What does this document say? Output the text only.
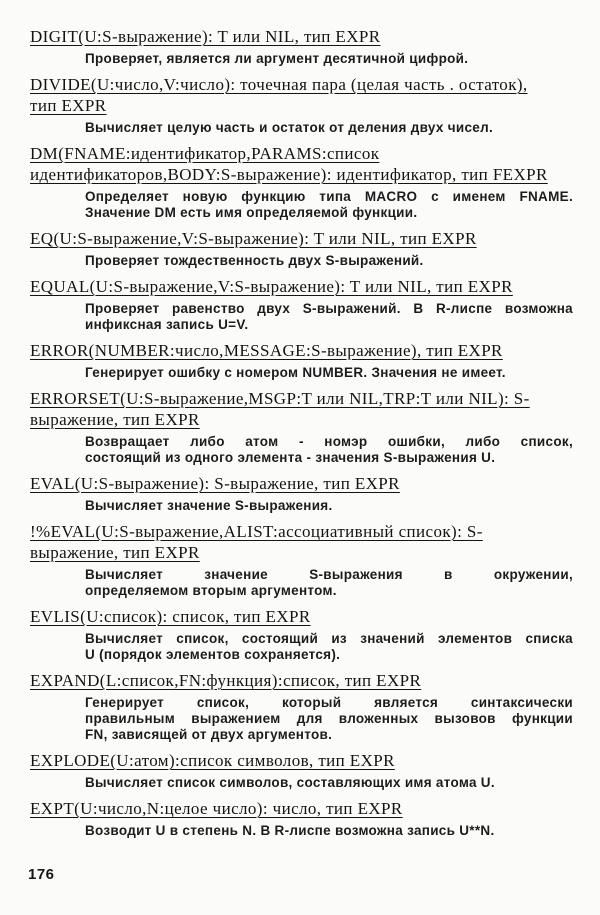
DIGIT(U:S-выражение): T или NIL, тип EXPR

Проверяет, является ли аргумент десятичной цифрой.

DIVIDE(U:число,V:число): точечная пара (целая часть . остаток),
тип EXPR

Вычисляет целую часть и остаток от деления двух чисел.

DM(FNAME:идентификатор,PARAMS:список
идентификаторов,BODY:S-выражение): идентификатор, тип FEXPR

Определяет новую функцию типа MACRO с именем FNAME.
Значение DM есть имя определяемой функции.

EQ(U:S-выражение,V:S-выражение): T или NIL, тип EXPR

Проверяет тождественность двух S-выражений.

EQUAL(U:S-выражение,V:S-выражение): T или NIL, тип EXPR

Проверяет равенство двух S-выражений. В R-лиспе возможна
инфиксная запись U=V.

ERROR(NUMBER:число,MESSAGE:S-выражение), тип EXPR

Генерирует ошибку с номером NUMBER. Значения не имеет.

ERRORSET(U:S-выражение,MSGP:T или NIL,TRP:T или NIL): S-
выражение, тип EXPR

Возвращает либо атом - номэр ошибки, либо список,
состоящий из одного элемента - значения S-выражения U.

EVAL(U:S-выражение): S-выражение, тип EXPR

Вычисляет значение S-выражения.

!%EVAL(U:S-выражение,ALIST:ассоциативный список): S-
выражение, тип EXPR

Вычисляет значение S-выражения в окружении,
определяемом вторым аргументом.

EVLIS(U:список): список, тип EXPR

Вычисляет список, состоящий из значений элементов списка
U (порядок элементов сохраняется).

EXPAND(L:список,FN:функция):список, тип EXPR

Генерирует список, который является синтаксически
правильным выражением для вложенных вызовов функции
FN, зависящей от двух аргументов.

EXPLODE(U:атом):список символов, тип EXPR

Вычисляет список символов, составляющих имя атома U.

EXPT(U:число,N:целое число): число, тип EXPR

Возводит U в степень N. В R-лиспе возможна запись U**N.

176
